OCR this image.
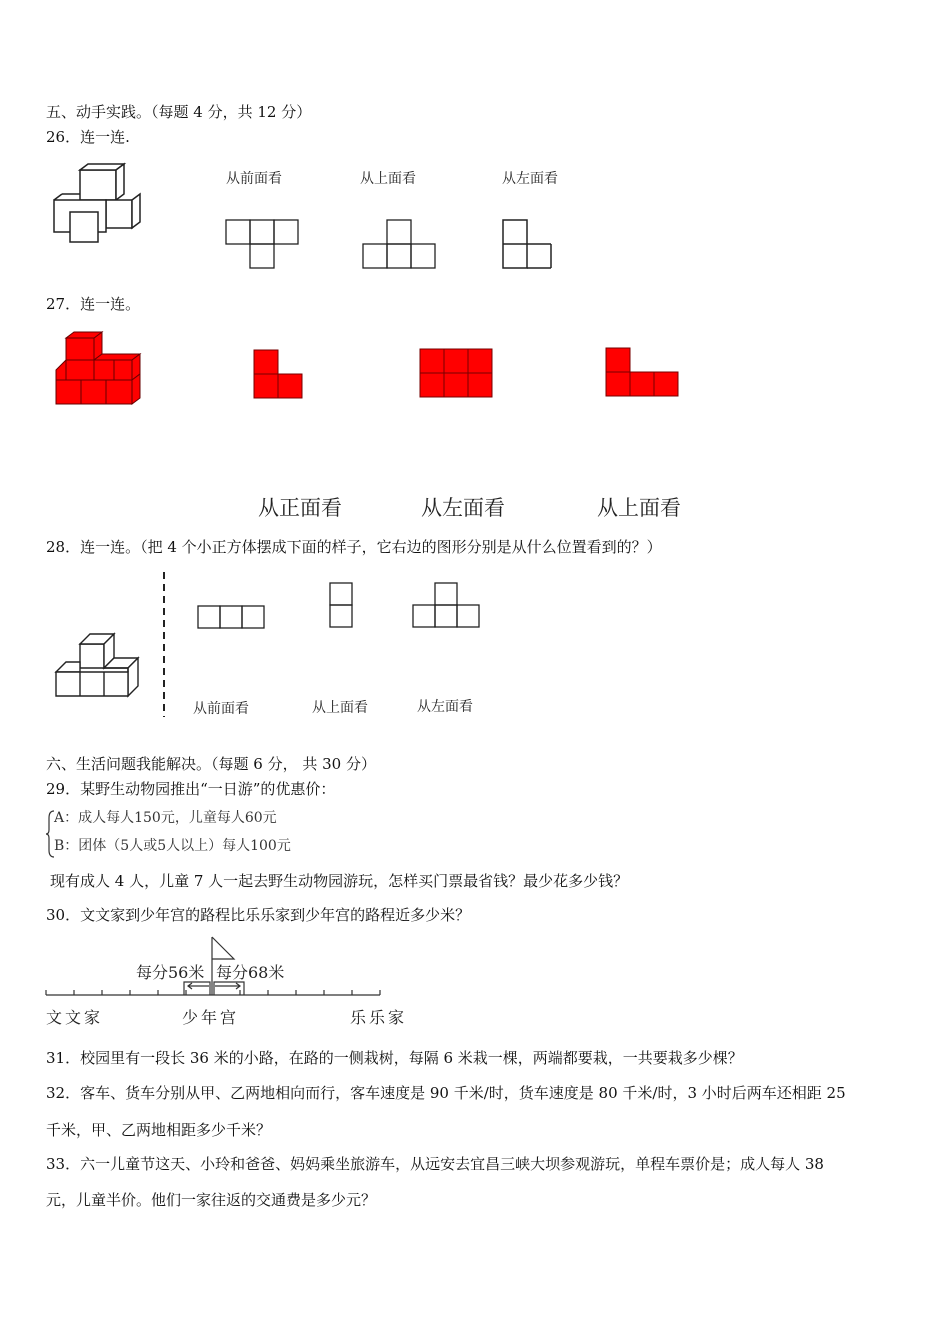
五、动手实践。（每题 4 分，共 12 分）
26．连一连.
从前面看	从上面看	从左面看
27．连一连。
从正面看	从左面看	从上面看
28．连一连。（把 4 个小正方体摆成下面的样子，它右边的图形分别是从什么位置看到的？）
从前面看	从上面看	从左面看
六、生活问题我能解决。（每题 6 分， 共 30 分）
29．某野生动物园推出“一日游”的优惠价：
A：成人每人150元，儿童每人60元
B：团体（5人或5人以上）每人100元
现有成人 4 人，儿童 7 人一起去野生动物园游玩，怎样买门票最省钱？最少花多少钱？
30．文文家到少年宫的路程比乐乐家到少年宫的路程近多少米？
每分56米 每分68米
文文家	少年宫	乐乐家
31．校园里有一段长 36 米的小路，在路的一侧栽树，每隔 6 米栽一棵，两端都要栽，一共要栽多少棵？
32．客车、货车分别从甲、乙两地相向而行，客车速度是 90 千米/时，货车速度是 80 千米/时，3 小时后两车还相距 25
千米，甲、乙两地相距多少千米？
33．六一儿童节这天、小玲和爸爸、妈妈乘坐旅游车，从远安去宜昌三峡大坝参观游玩，单程车票价是；成人每人 38
元，儿童半价。他们一家往返的交通费是多少元？
